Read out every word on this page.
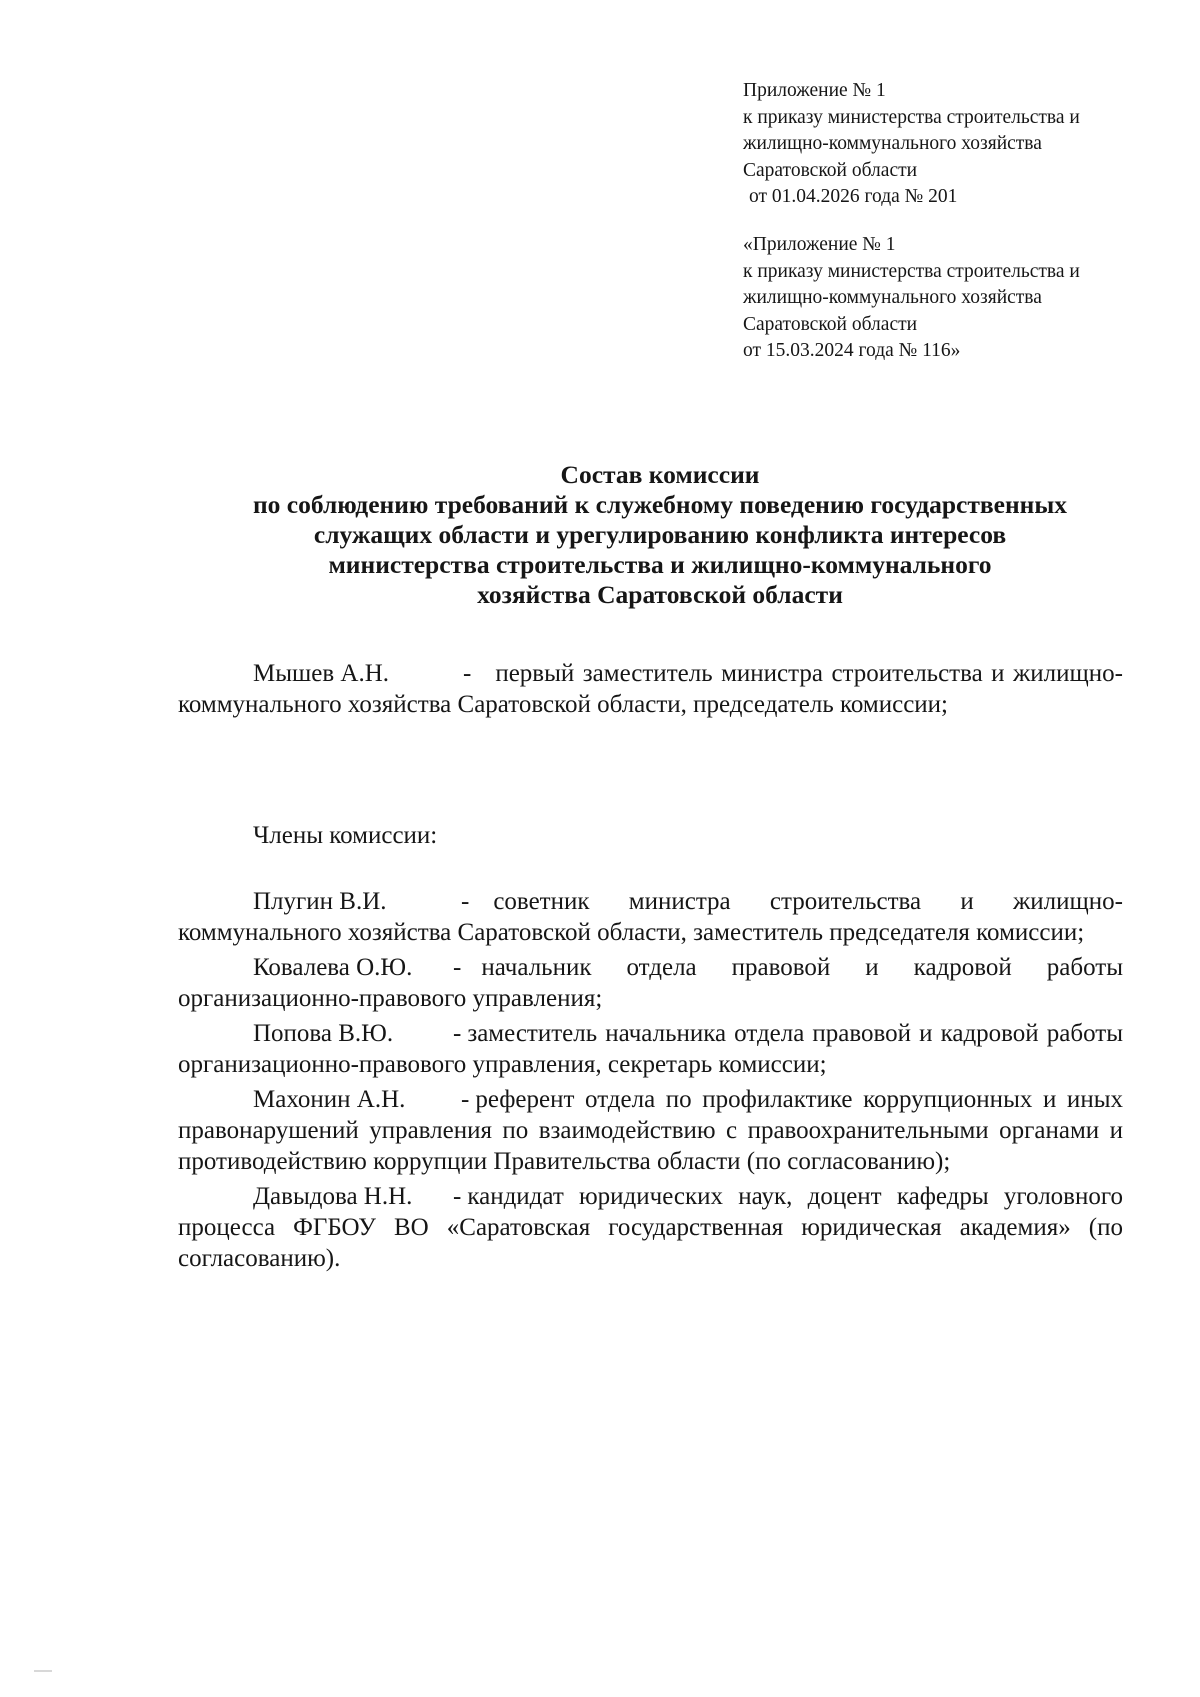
Приложение № 1
к приказу министерства строительства и
жилищно-коммунального хозяйства
Саратовской области
от 01.04.2026 года № 201
«Приложение № 1
к приказу министерства строительства и
жилищно-коммунального хозяйства
Саратовской области
от 15.03.2024 года № 116»
Состав комиссии
по соблюдению требований к служебному поведению государственных
служащих области и урегулированию конфликта интересов
министерства строительства и жилищно-коммунального
хозяйства Саратовской области

Мышев А.Н.	- первый заместитель министра строительства и жилищно-коммунального хозяйства Саратовской области, председатель комиссии;

Члены комиссии:

Плугин В.И.	- советник министра строительства и жилищно-коммунального хозяйства Саратовской области, заместитель председателя комиссии;

Ковалева О.Ю. - начальник отдела правовой и кадровой работы организационно-правового управления;

Попова В.Ю. - заместитель начальника отдела правовой и кадровой работы организационно-правового управления, секретарь комиссии;

Махонин А.Н. - референт отдела по профилактике коррупционных и иных правонарушений управления по взаимодействию с правоохранительными органами и противодействию коррупции Правительства области (по согласованию);

Давыдова Н.Н. - кандидат юридических наук, доцент кафедры уголовного процесса ФГБОУ ВО «Саратовская государственная юридическая академия» (по согласованию).
